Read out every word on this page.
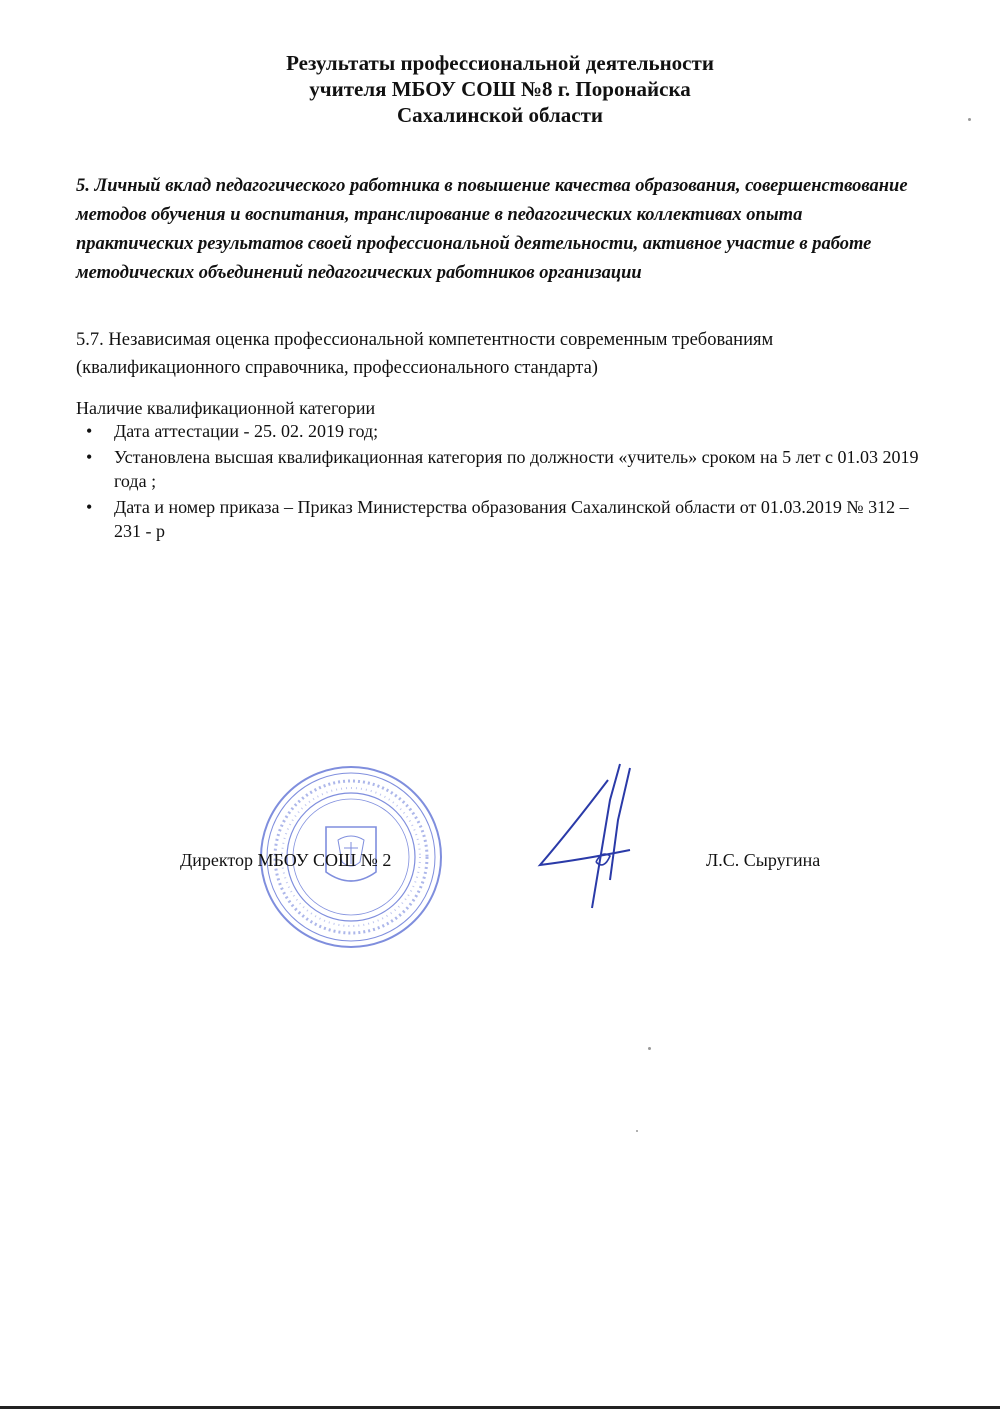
Результаты профессиональной деятельности
учителя МБОУ СОШ №8 г. Поронайска
Сахалинской области
5. Личный вклад педагогического работника в повышение качества образования, совершенствование методов обучения и воспитания, транслирование в педагогических коллективах опыта практических результатов своей профессиональной деятельности, активное участие в работе методических объединений педагогических работников организации
5.7. Независимая оценка профессиональной компетентности современным требованиям (квалификационного справочника, профессионального стандарта)
Наличие квалификационной категории
• Дата аттестации - 25. 02. 2019 год;
• Установлена высшая квалификационная категория по должности «учитель» сроком на 5 лет с 01.03 2019 года ;
• Дата и номер приказа – Приказ Министерства образования Сахалинской области от 01.03.2019 № 312 – 231 - р
Директор МБОУ СОШ № 2	Л.С. Сыругина
